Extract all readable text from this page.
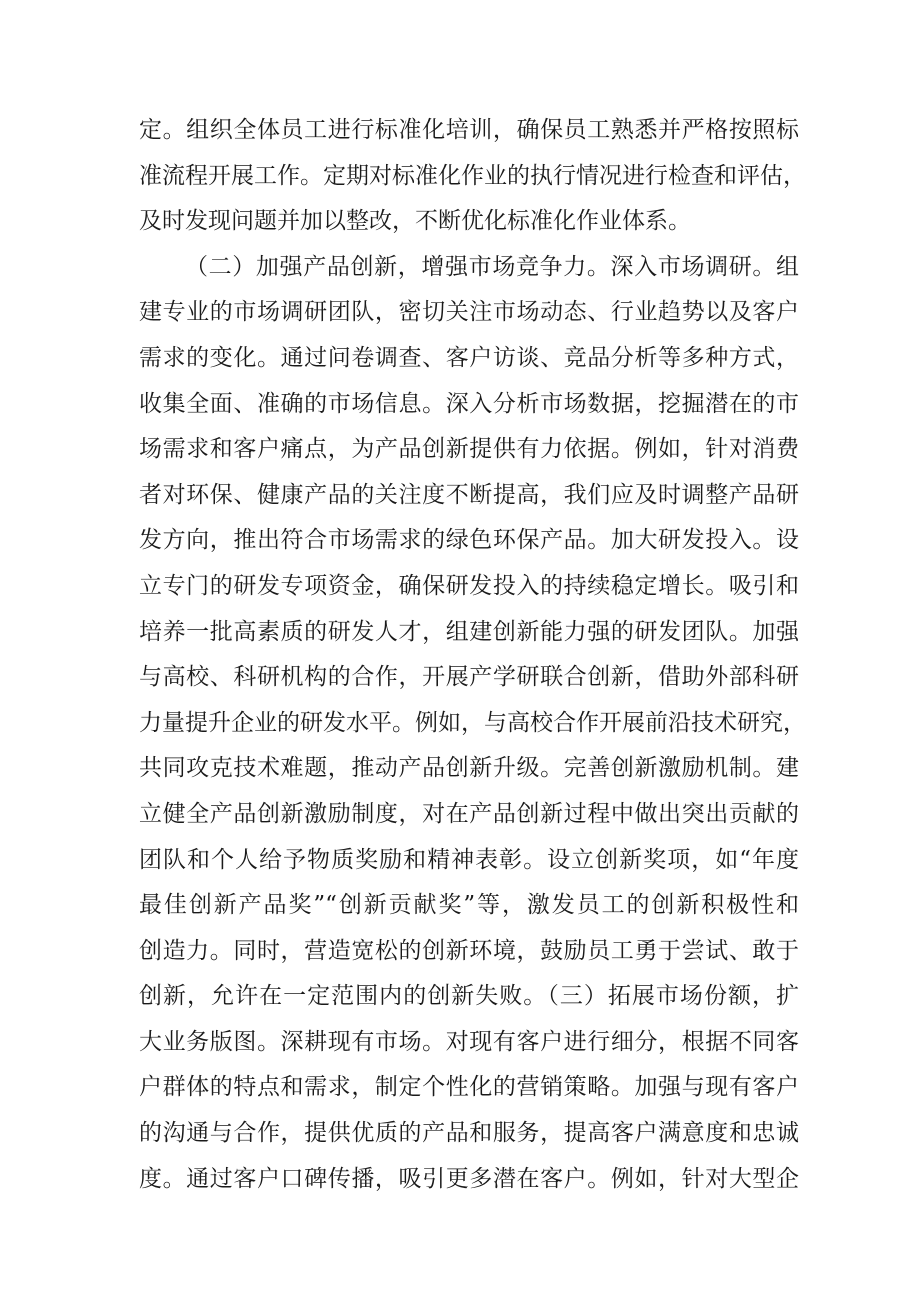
定。组织全体员工进行标准化培训，确保员工熟悉并严格按照标
准流程开展工作。定期对标准化作业的执行情况进行检查和评估，
及时发现问题并加以整改，不断优化标准化作业体系。
（二）加强产品创新，增强市场竞争力。深入市场调研。组
建专业的市场调研团队，密切关注市场动态、行业趋势以及客户
需求的变化。通过问卷调查、客户访谈、竞品分析等多种方式，
收集全面、准确的市场信息。深入分析市场数据，挖掘潜在的市
场需求和客户痛点，为产品创新提供有力依据。例如，针对消费
者对环保、健康产品的关注度不断提高，我们应及时调整产品研
发方向，推出符合市场需求的绿色环保产品。加大研发投入。设
立专门的研发专项资金，确保研发投入的持续稳定增长。吸引和
培养一批高素质的研发人才，组建创新能力强的研发团队。加强
与高校、科研机构的合作，开展产学研联合创新，借助外部科研
力量提升企业的研发水平。例如，与高校合作开展前沿技术研究，
共同攻克技术难题，推动产品创新升级。完善创新激励机制。建
立健全产品创新激励制度，对在产品创新过程中做出突出贡献的
团队和个人给予物质奖励和精神表彰。设立创新奖项，如“年度
最佳创新产品奖”“创新贡献奖”等，激发员工的创新积极性和
创造力。同时，营造宽松的创新环境，鼓励员工勇于尝试、敢于
创新，允许在一定范围内的创新失败。（三）拓展市场份额，扩
大业务版图。深耕现有市场。对现有客户进行细分，根据不同客
户群体的特点和需求，制定个性化的营销策略。加强与现有客户
的沟通与合作，提供优质的产品和服务，提高客户满意度和忠诚
度。通过客户口碑传播，吸引更多潜在客户。例如，针对大型企
